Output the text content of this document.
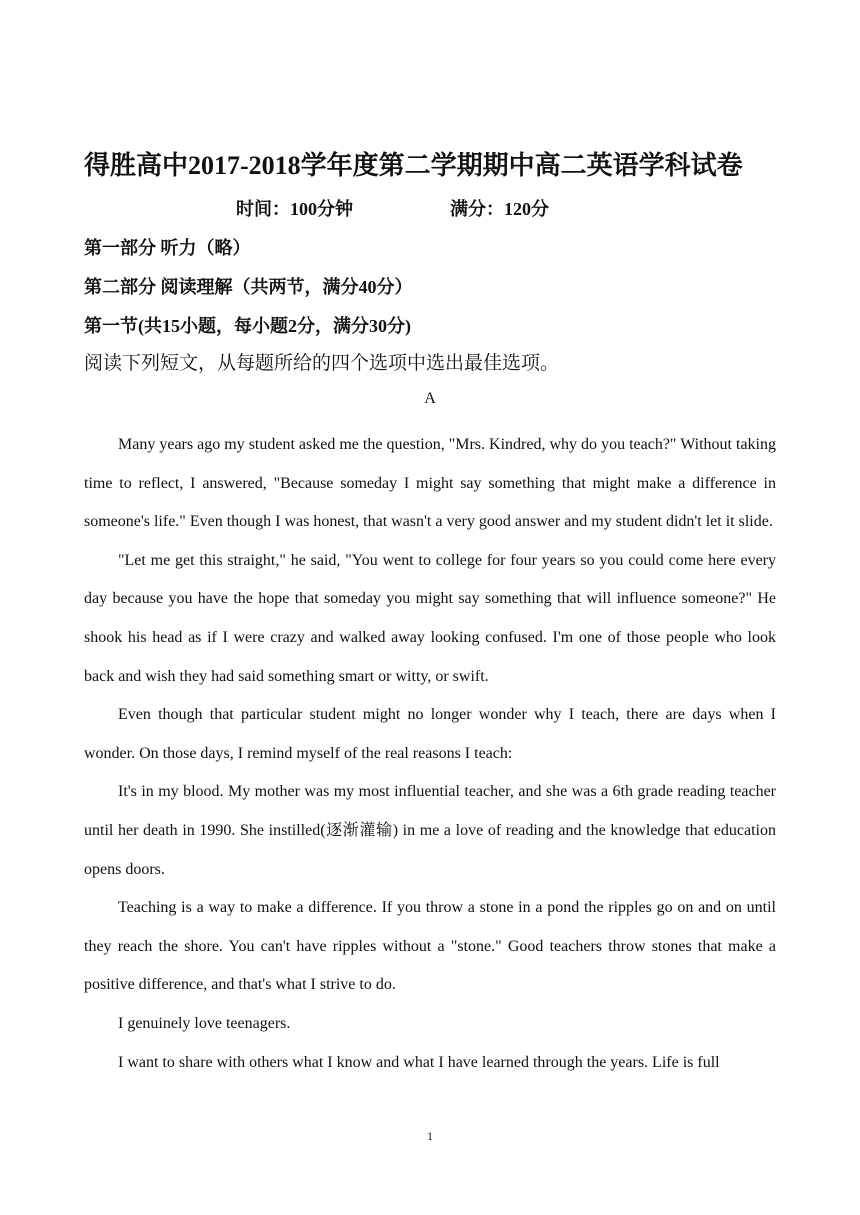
得胜高中2017-2018学年度第二学期期中高二英语学科试卷
时间：100分钟	满分：120分
第一部分 听力（略）
第二部分 阅读理解（共两节，满分40分）
第一节(共15小题，每小题2分，满分30分)
阅读下列短文，从每题所给的四个选项中选出最佳选项。
A

Many years ago my student asked me the question, "Mrs. Kindred, why do you teach?" Without taking time to reflect, I answered, "Because someday I might say something that might make a difference in someone's life." Even though I was honest, that wasn't a very good answer and my student didn't let it slide.

"Let me get this straight," he said, "You went to college for four years so you could come here every day because you have the hope that someday you might say something that will influence someone?" He shook his head as if I were crazy and walked away looking confused. I'm one of those people who look back and wish they had said something smart or witty, or swift.

Even though that particular student might no longer wonder why I teach, there are days when I wonder. On those days, I remind myself of the real reasons I teach:

It's in my blood. My mother was my most influential teacher, and she was a 6th grade reading teacher until her death in 1990. She instilled(逐渐灌输) in me a love of reading and the knowledge that education opens doors.

Teaching is a way to make a difference. If you throw a stone in a pond the ripples go on and on until they reach the shore. You can't have ripples without a "stone." Good teachers throw stones that make a positive difference, and that's what I strive to do.

I genuinely love teenagers.

I want to share with others what I know and what I have learned through the years. Life is full

1
